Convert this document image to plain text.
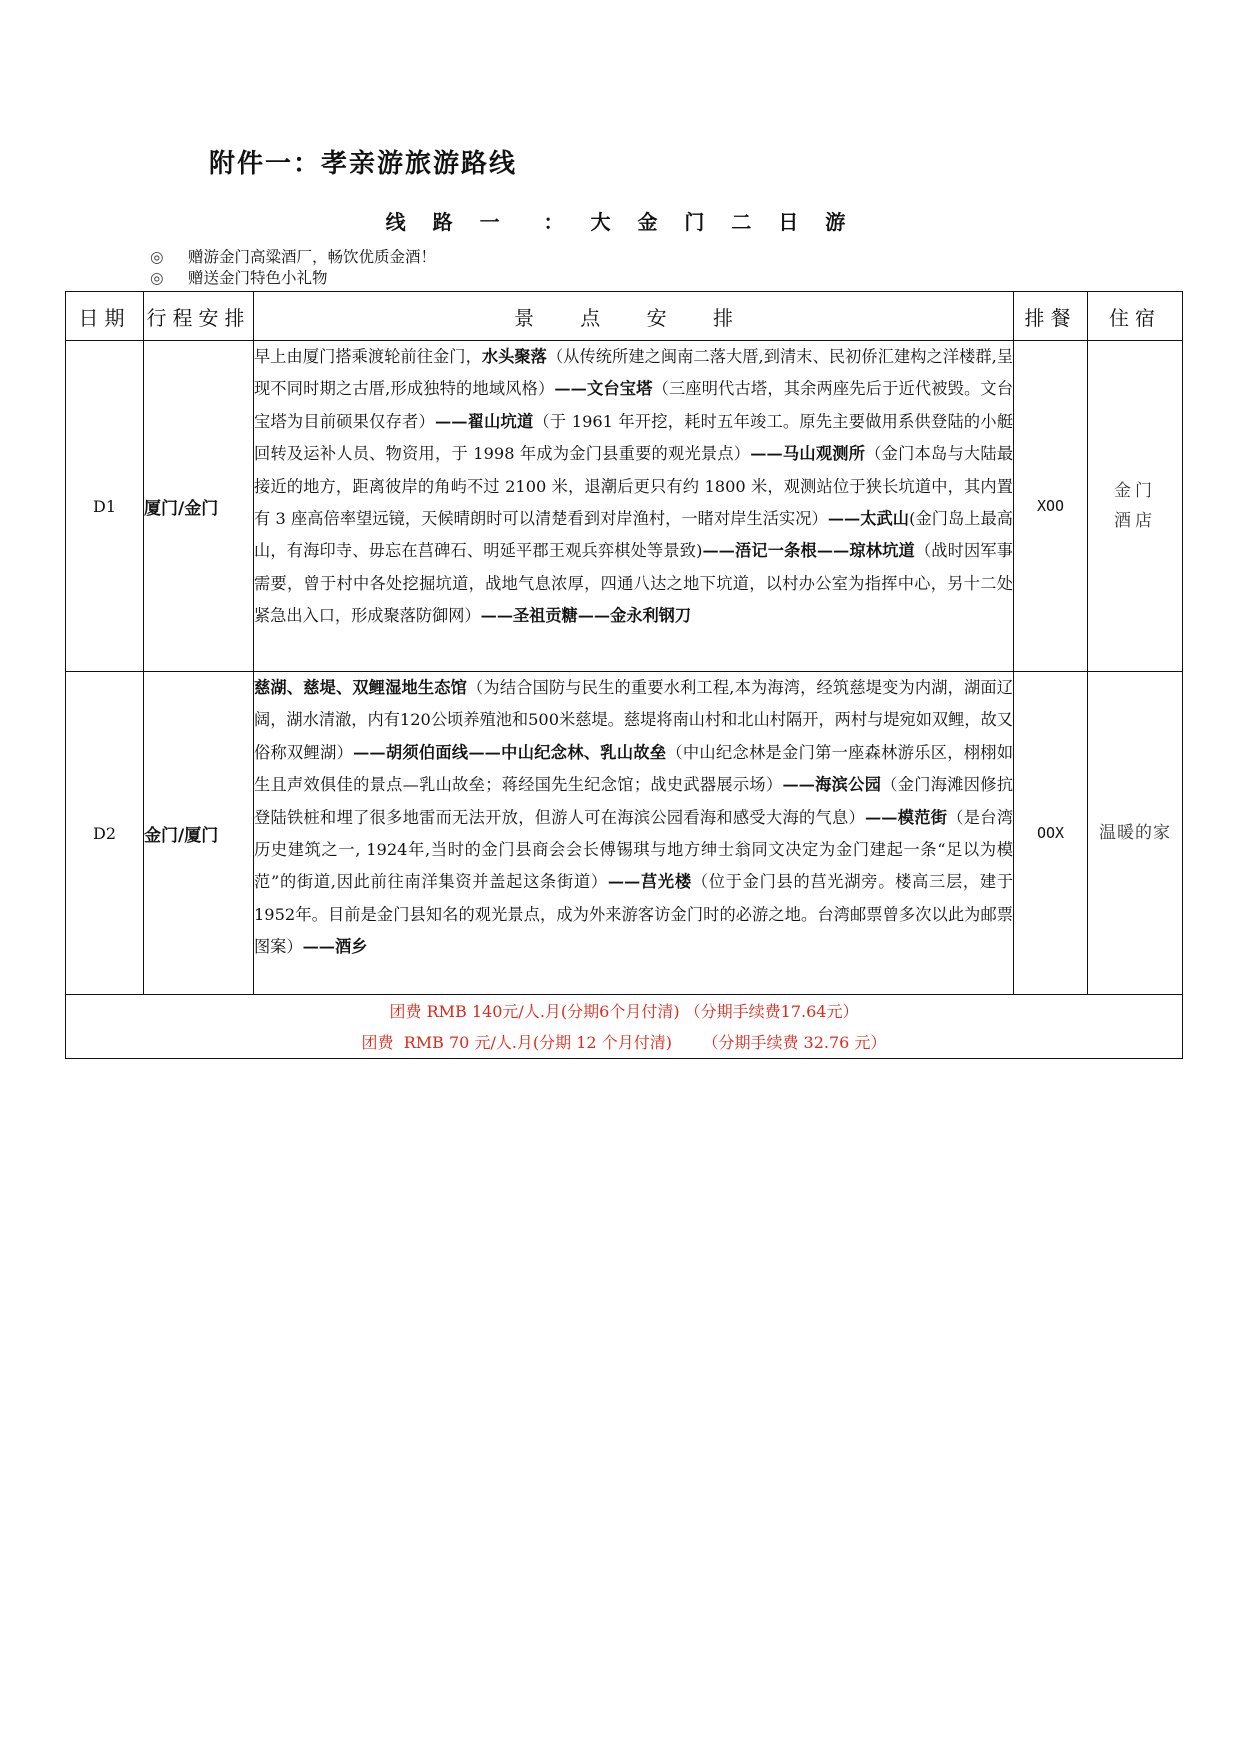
附件一：孝亲游旅游路线
线 路 一  ： 大 金 门 二 日 游
◎ 赠游金门高粱酒厂，畅饮优质金酒！
◎ 赠送金门特色小礼物
日期	行程安排	景 点 安 排	排餐	住宿
D1	厦门/金门	早上由厦门搭乘渡轮前往金门，水头聚落（从传统所建之闽南二落大厝,到清末、民初侨汇建构之洋楼群,呈现不同时期之古厝,形成独特的地域风格）——文台宝塔（三座明代古塔，其余两座先后于近代被毁。文台宝塔为目前硕果仅存者）——翟山坑道（于 1961 年开挖，耗时五年竣工。原先主要做用系供登陆的小艇回转及运补人员、物资用，于 1998 年成为金门县重要的观光景点）——马山观测所（金门本岛与大陆最接近的地方，距离彼岸的角屿不过 2100 米，退潮后更只有约 1800 米，观测站位于狭长坑道中，其内置有 3 座高倍率望远镜，天候晴朗时可以清楚看到对岸渔村，一睹对岸生活实况）——太武山(金门岛上最高山，有海印寺、毋忘在莒碑石、明延平郡王观兵弈棋处等景致)——浯记一条根——琼林坑道（战时因军事需要，曾于村中各处挖掘坑道，战地气息浓厚，四通八达之地下坑道，以村办公室为指挥中心，另十二处紧急出入口，形成聚落防御网）——圣祖贡糖——金永利钢刀	XOO	金门
酒店

D2	金门/厦门	慈湖、慈堤、双鲤湿地生态馆（为结合国防与民生的重要水利工程,本为海湾，经筑慈堤变为内湖，湖面辽阔，湖水清澈，内有120公顷养殖池和500米慈堤。慈堤将南山村和北山村隔开，两村与堤宛如双鲤，故又俗称双鲤湖）——胡须伯面线——中山纪念林、乳山故垒（中山纪念林是金门第一座森林游乐区，栩栩如生且声效俱佳的景点—乳山故垒；蒋经国先生纪念馆；战史武器展示场）——海滨公园（金门海滩因修抗登陆铁桩和埋了很多地雷而无法开放，但游人可在海滨公园看海和感受大海的气息）——模范街（是台湾历史建筑之一, 1924年,当时的金门县商会会长傅锡琪与地方绅士翁同文决定为金门建起一条“足以为模范”的街道,因此前往南洋集资并盖起这条街道）——莒光楼（位于金门县的莒光湖旁。楼高三层，建于1952年。目前是金门县知名的观光景点，成为外来游客访金门时的必游之地。台湾邮票曾多次以此为邮票图案）——酒乡	OOX	温暖的家

团费 RMB 140元/人.月(分期6个月付清) （分期手续费17.64元）
团费  RMB 70 元/人.月(分期 12 个月付清)      （分期手续费 32.76 元）				
